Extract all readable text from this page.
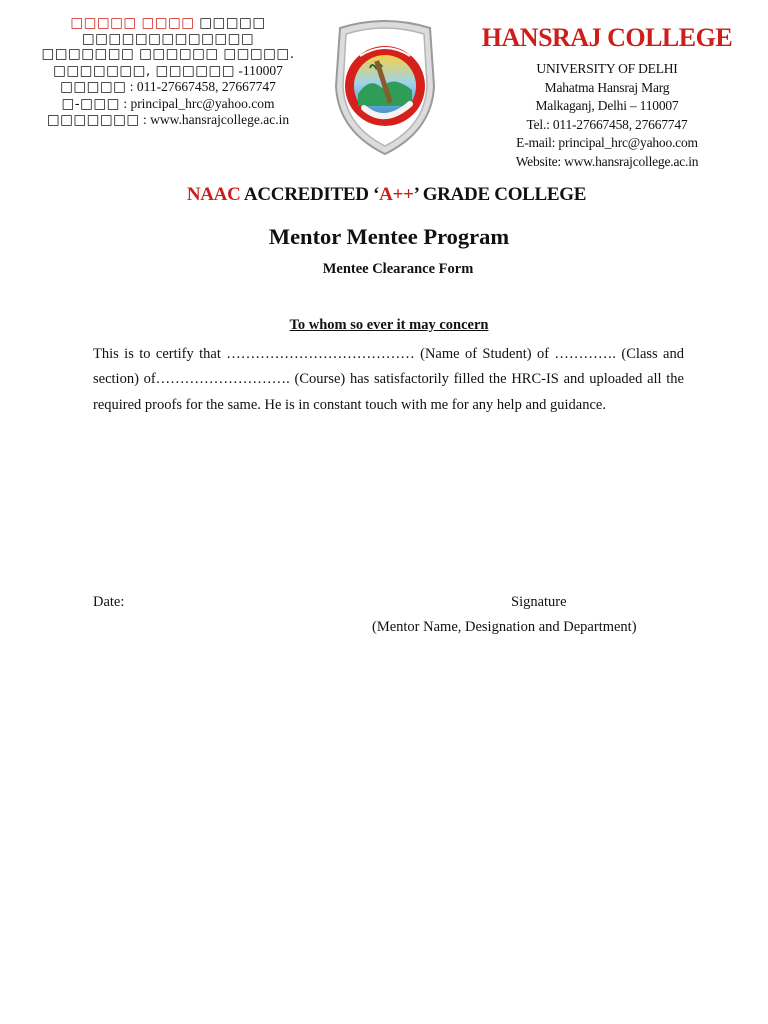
□□□□□ □□□□ □□□□□
□□□□□□□□□□□□□
□□□□□□□ □□□□□□ □□□□□.
□□□□□□□, □□□□□□ -110007
□□□□□ : 011-27667458, 27667747
□-□□□ : principal_hrc@yahoo.com
□□□□□□□ : www.hansrajcollege.ac.in
HANSRAJ COLLEGE
UNIVERSITY OF DELHI
Mahatma Hansraj Marg
Malkaganj, Delhi – 110007
Tel.: 011-27667458, 27667747
E-mail: principal_hrc@yahoo.com
Website: www.hansrajcollege.ac.in
NAAC ACCREDITED ‘A++’ GRADE COLLEGE
Mentor Mentee Program
Mentee Clearance Form
To whom so ever it may concern
This is to certify that ………………………………… (Name of Student) of …………. (Class and section) of………………………. (Course) has satisfactorily filled the HRC-IS and uploaded all the required proofs for the same. He is in constant touch with me for any help and guidance.
Date:	Signature
(Mentor Name, Designation and Department)
